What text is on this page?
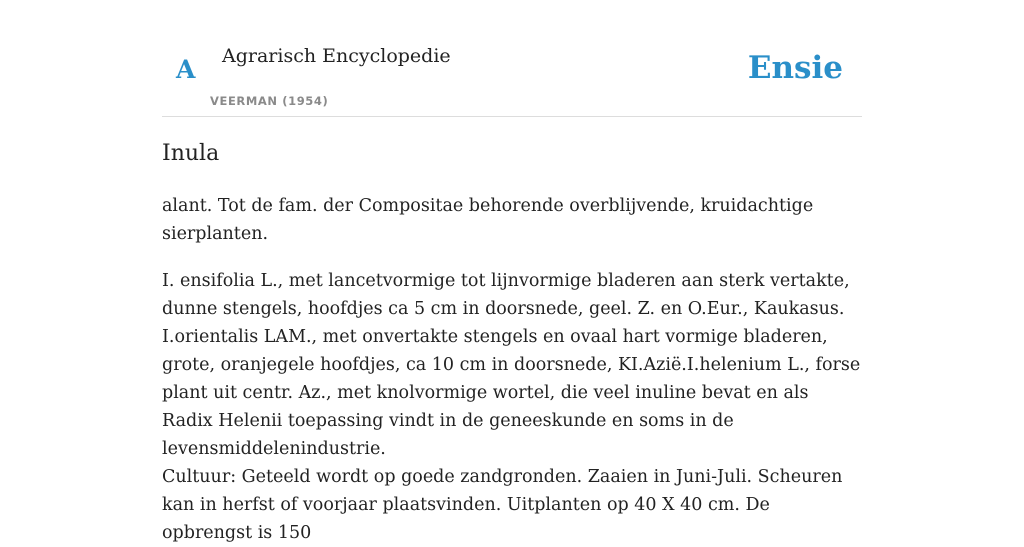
A Agrarisch Encyclopedie
VEERMAN (1954)
Ensie
Inula

alant. Tot de fam. der Compositae behorende overblijvende, kruidachtige sierplanten.

I. ensifolia L., met lancetvormige tot lijnvormige bladeren aan sterk vertakte, dunne stengels, hoofdjes ca 5 cm in doorsnede, geel. Z. en O.Eur., Kaukasus. I.orientalis LAM., met onvertakte stengels en ovaal hart vormige bladeren, grote, oranjegele hoofdjes, ca 10 cm in doorsnede, KI.Azië.I.helenium L., forse plant uit centr. Az., met knolvormige wortel, die veel inuline bevat en als Radix Helenii toepassing vindt in de geneeskunde en soms in de levensmiddelenindustrie.

Cultuur: Geteeld wordt op goede zandgronden. Zaaien in Juni-Juli. Scheuren kan in herfst of voorjaar plaatsvinden. Uitplanten op 40 X 40 cm. De opbrengst is 150
